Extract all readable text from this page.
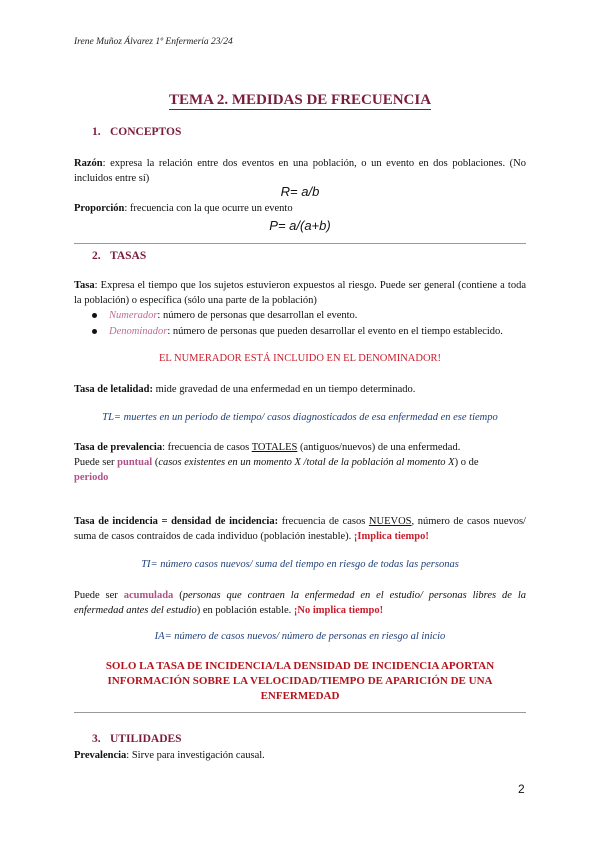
Irene Muñoz Álvarez 1º Enfermería 23/24
TEMA 2. MEDIDAS DE FRECUENCIA
1. CONCEPTOS
Razón: expresa la relación entre dos eventos en una población, o un evento en dos poblaciones. (No incluidos entre sí)
R= a/b
Proporción: frecuencia con la que ocurre un evento
P= a/(a+b)
2. TASAS
Tasa: Expresa el tiempo que los sujetos estuvieron expuestos al riesgo. Puede ser general (contiene a toda la población) o específica (sólo una parte de la población)
Numerador: número de personas que desarrollan el evento.
Denominador: número de personas que pueden desarrollar el evento en el tiempo establecido.
EL NUMERADOR ESTÁ INCLUIDO EN EL DENOMINADOR!
Tasa de letalidad: mide gravedad de una enfermedad en un tiempo determinado.
TL= muertes en un periodo de tiempo/ casos diagnosticados de esa enfermedad en ese tiempo
Tasa de prevalencia: frecuencia de casos TOTALES (antiguos/nuevos) de una enfermedad.
Puede ser puntual (casos existentes en un momento X /total de la población al momento X) o de
periodo
Tasa de incidencia = densidad de incidencia: frecuencia de casos NUEVOS, número de casos nuevos/ suma de casos contraídos de cada individuo (población inestable). ¡Implica tiempo!
TI= número casos nuevos/ suma del tiempo en riesgo de todas las personas
Puede ser acumulada (personas que contraen la enfermedad en el estudio/ personas libres de la enfermedad antes del estudio) en población estable. ¡No implica tiempo!
IA= número de casos nuevos/ número de personas en riesgo al inicio
SOLO LA TASA DE INCIDENCIA/LA DENSIDAD DE INCIDENCIA APORTAN
INFORMACIÓN SOBRE LA VELOCIDAD/TIEMPO DE APARICIÓN DE UNA
ENFERMEDAD
3. UTILIDADES
Prevalencia: Sirve para investigación causal.
2
